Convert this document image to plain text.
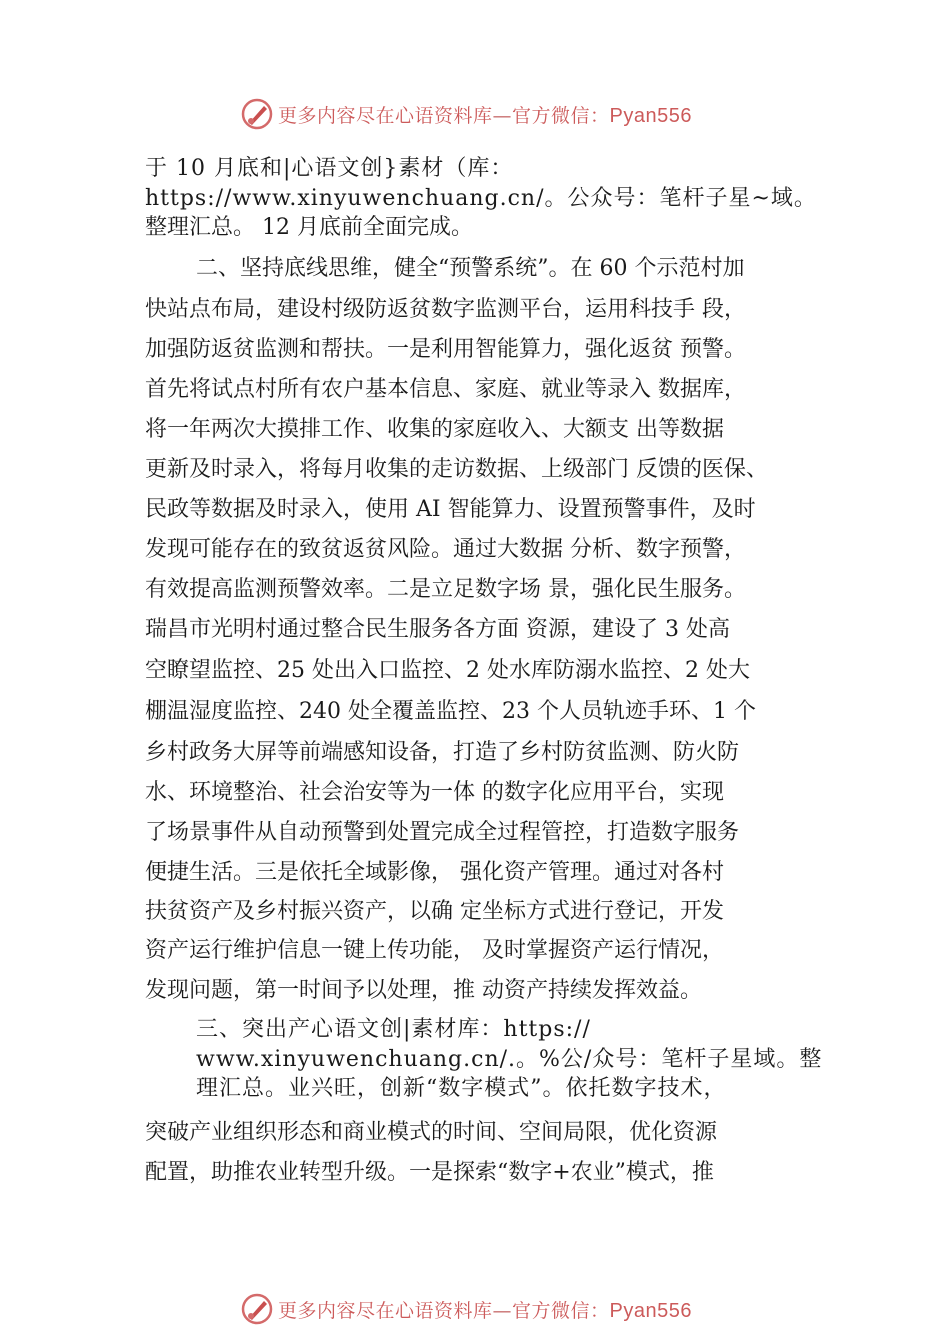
更多内容尽在心语资料库—官方微信：Pyan556
于 10 月底和|心语文创}素材（库：
https://www.xinyuwenchuang.cn/。公众号：笔杆子星~域。
整理汇总。 12 月底前全面完成。
二、坚持底线思维，健全“预警系统”。在 60 个示范村加
快站点布局，建设村级防返贫数字监测平台，运用科技手 段，
加强防返贫监测和帮扶。一是利用智能算力，强化返贫 预警。
首先将试点村所有农户基本信息、家庭、就业等录入 数据库，
将一年两次大摸排工作、收集的家庭收入、大额支 出等数据
更新及时录入，将每月收集的走访数据、上级部门 反馈的医保、
民政等数据及时录入，使用 AI 智能算力、设置预警事件，及时
发现可能存在的致贫返贫风险。通过大数据 分析、数字预警，
有效提高监测预警效率。二是立足数字场 景，强化民生服务。
瑞昌市光明村通过整合民生服务各方面 资源，建设了 3 处高
空瞭望监控、25 处出入口监控、2 处水库防溺水监控、2 处大
棚温湿度监控、240 处全覆盖监控、23 个人员轨迹手环、1 个
乡村政务大屏等前端感知设备，打造了乡村防贫监测、防火防
水、环境整治、社会治安等为一体 的数字化应用平台，实现
了场景事件从自动预警到处置完成全过程管控，打造数字服务
便捷生活。三是依托全域影像， 强化资产管理。通过对各村
扶贫资产及乡村振兴资产，以确 定坐标方式进行登记，开发
资产运行维护信息一键上传功能， 及时掌握资产运行情况，
发现问题，第一时间予以处理，推 动资产持续发挥效益。
三、突出产心语文创|素材库：https://
www.xinyuwenchuang.cn/.。%公/众号：笔杆子星域。整
理汇总。业兴旺，创新“数字模式”。依托数字技术，
突破产业组织形态和商业模式的时间、空间局限，优化资源
配置，助推农业转型升级。一是探索“数字+农业”模式，推
更多内容尽在心语资料库—官方微信：Pyan556
